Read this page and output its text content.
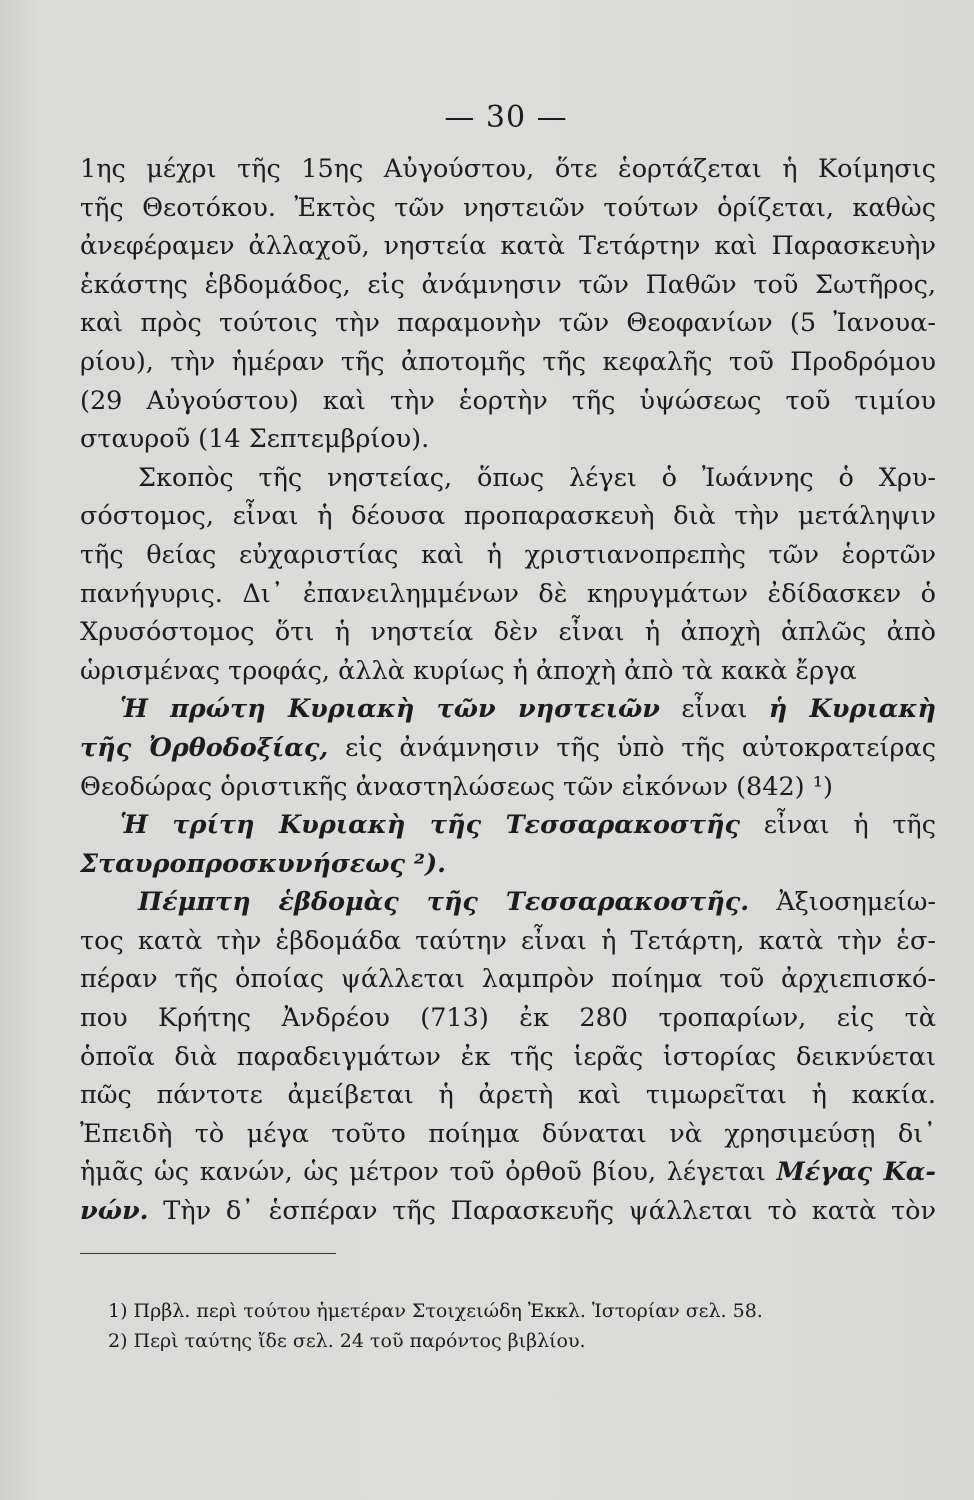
— 30 —
1ης μέχρι τῆς 15ης Αὐγούστου, ὅτε ἑορτάζεται ἡ Κοίμησις
τῆς Θεοτόκου. Ἐκτὸς τῶν νηστειῶν τούτων ὁρίζεται, καθὼς
ἀνεφέραμεν ἀλλαχοῦ, νηστεία κατὰ Τετάρτην καὶ Παρασκευὴν
ἑκάστης ἑβδομάδος, εἰς ἀνάμνησιν τῶν Παθῶν τοῦ Σωτῆρος,
καὶ πρὸς τούτοις τὴν παραμονὴν τῶν Θεοφανίων (5 Ἰανουα-
ρίου), τὴν ἡμέραν τῆς ἀποτομῆς τῆς κεφαλῆς τοῦ Προδρόμου
(29 Αὐγούστου) καὶ τὴν ἑορτὴν τῆς ὑψώσεως τοῦ τιμίου
σταυροῦ (14 Σεπτεμβρίου).
Σκοπὸς τῆς νηστείας, ὅπως λέγει ὁ Ἰωάννης ὁ Χρυ-
σόστομος, εἶναι ἡ δέουσα προπαρασκευὴ διὰ τὴν μετάληψιν
τῆς θείας εὐχαριστίας καὶ ἡ χριστιανοπρεπὴς τῶν ἑορτῶν
πανήγυρις. Δι᾽ ἐπανειλημμένων δὲ κηρυγμάτων ἐδίδασκεν ὁ
Χρυσόστομος ὅτι ἡ νηστεία δὲν εἶναι ἡ ἀποχὴ ἁπλῶς ἀπὸ
ὡρισμένας τροφάς, ἀλλὰ κυρίως ἡ ἀποχὴ ἀπὸ τὰ κακὰ ἔργα
Ἡ πρώτη Κυριακὴ τῶν νηστειῶν εἶναι ἡ Κυριακὴ
τῆς Ὀρθοδοξίας, εἰς ἀνάμνησιν τῆς ὑπὸ τῆς αὐτοκρατείρας
Θεοδώρας ὁριστικῆς ἀναστηλώσεως τῶν εἰκόνων (842) ¹)
Ἡ τρίτη Κυριακὴ τῆς Τεσσαρακοστῆς εἶναι ἡ τῆς
Σταυροπροσκυνήσεως ²).
Πέμπτη ἑβδομὰς τῆς Τεσσαρακοστῆς. Ἀξιοσημείω-
τος κατὰ τὴν ἑβδομάδα ταύτην εἶναι ἡ Τετάρτη, κατὰ τὴν ἑσ-
πέραν τῆς ὁποίας ψάλλεται λαμπρὸν ποίημα τοῦ ἀρχιεπισκό-
που Κρήτης Ἀνδρέου (713) ἐκ 280 τροπαρίων, εἰς τὰ
ὁποῖα διὰ παραδειγμάτων ἐκ τῆς ἱερᾶς ἱστορίας δεικνύεται
πῶς πάντοτε ἀμείβεται ἡ ἀρετὴ καὶ τιμωρεῖται ἡ κακία.
Ἐπειδὴ τὸ μέγα τοῦτο ποίημα δύναται νὰ χρησιμεύσῃ δι᾽
ἡμᾶς ὡς κανών, ὡς μέτρον τοῦ ὀρθοῦ βίου, λέγεται Μέγας Κα-
νών. Τὴν δ᾽ ἑσπέραν τῆς Παρασκευῆς ψάλλεται τὸ κατὰ τὸν
1) Πρβλ. περὶ τούτου ἡμετέραν Στοιχειώδη Ἐκκλ. Ἱστορίαν σελ. 58.
2) Περὶ ταύτης ἴδε σελ. 24 τοῦ παρόντος βιβλίου.
